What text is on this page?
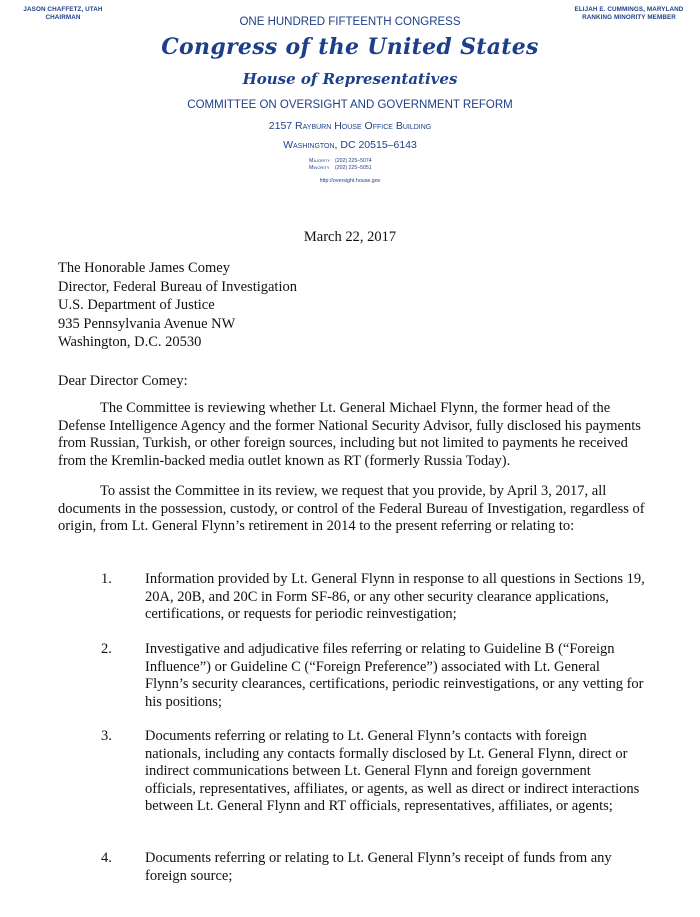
JASON CHAFFETZ, UTAH
CHAIRMAN
ELIJAH E. CUMMINGS, MARYLAND
RANKING MINORITY MEMBER
ONE HUNDRED FIFTEENTH CONGRESS
Congress of the United States
House of Representatives
COMMITTEE ON OVERSIGHT AND GOVERNMENT REFORM
2157 Rayburn House Office Building
Washington, DC 20515–6143
Majority (202) 225–5074
Minority (202) 225–5051
http://oversight.house.gov
March 22, 2017
The Honorable James Comey
Director, Federal Bureau of Investigation
U.S. Department of Justice
935 Pennsylvania Avenue NW
Washington, D.C. 20530
Dear Director Comey:

The Committee is reviewing whether Lt. General Michael Flynn, the former head of the Defense Intelligence Agency and the former National Security Advisor, fully disclosed his payments from Russian, Turkish, or other foreign sources, including but not limited to payments he received from the Kremlin-backed media outlet known as RT (formerly Russia Today).

To assist the Committee in its review, we request that you provide, by April 3, 2017, all documents in the possession, custody, or control of the Federal Bureau of Investigation, regardless of origin, from Lt. General Flynn’s retirement in 2014 to the present referring or relating to:

1. Information provided by Lt. General Flynn in response to all questions in Sections 19, 20A, 20B, and 20C in Form SF-86, or any other security clearance applications, certifications, or requests for periodic reinvestigation;

2. Investigative and adjudicative files referring or relating to Guideline B (“Foreign Influence”) or Guideline C (“Foreign Preference”) associated with Lt. General Flynn’s security clearances, certifications, periodic reinvestigations, or any vetting for his positions;

3. Documents referring or relating to Lt. General Flynn’s contacts with foreign nationals, including any contacts formally disclosed by Lt. General Flynn, direct or indirect communications between Lt. General Flynn and foreign government officials, representatives, affiliates, or agents, as well as direct or indirect interactions between Lt. General Flynn and RT officials, representatives, affiliates, or agents;

4. Documents referring or relating to Lt. General Flynn’s receipt of funds from any foreign source;
